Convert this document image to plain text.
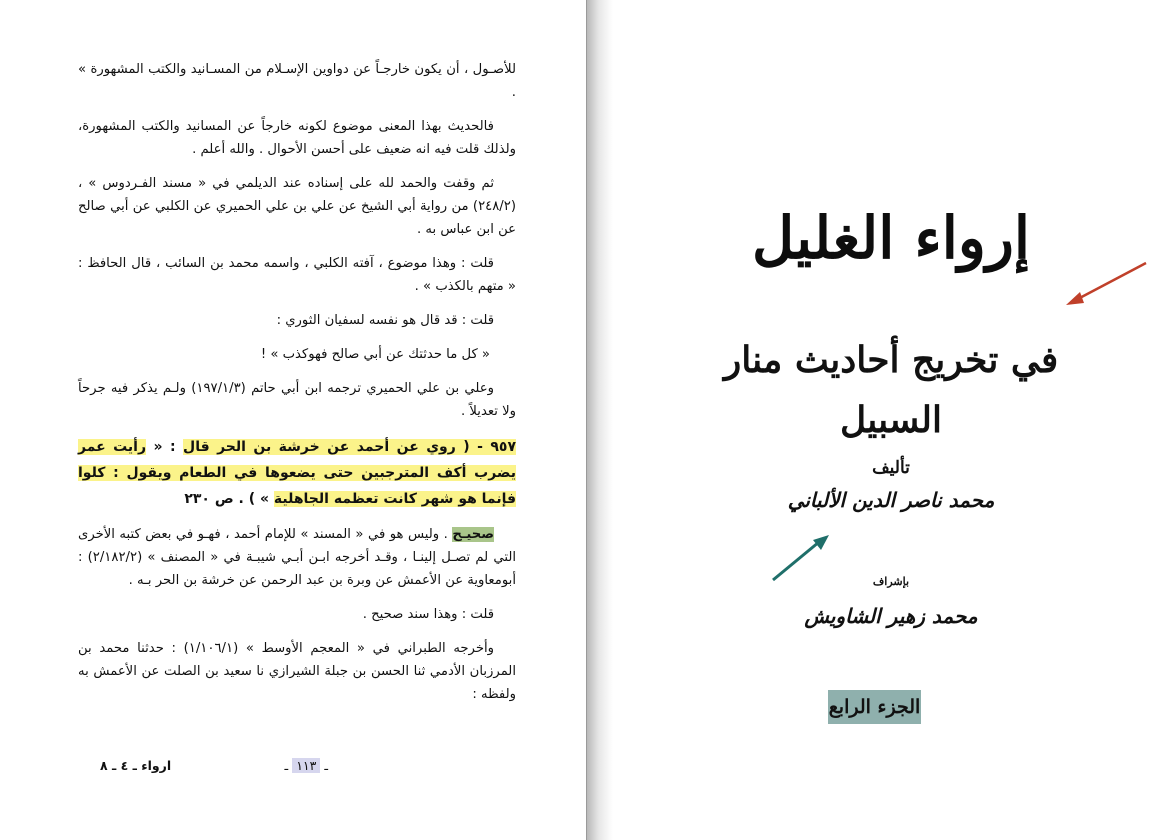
للأصـول ، أن يكون خارجـاً عن دواوين الإسـلام من المسـانيد والكتب المشهورة » .

فالحديث بهذا المعنى موضوع لكونه خارجاً عن المسانيد والكتب المشهورة، ولذلك قلت فيه انه ضعيف على أحسن الأحوال . والله أعلم .

ثم وقفت والحمد لله على إسناده عند الديلمي في « مسند الفـردوس » ، (٢٤٨/٢) من رواية أبي الشيخ عن علي بن علي الحميري عن الكلبي عن أبي صالح عن ابن عباس به .

قلت : وهذا موضوع ، آفته الكلبي ، واسمه محمد بن السائب ، قال الحافظ : « متهم بالكذب » .

قلت : قد قال هو نفسه لسفيان الثوري :

« كل ما حدثتك عن أبي صالح فهوكذب » !

وعلي بن علي الحميري ترجمه ابن أبي حاتم (١٩٧/١/٣) ولـم يذكر فيه جرحاً ولا تعديلاً .

٩٥٧ - ( روي عن أحمد عن خرشة بن الحر قال : « رأيت عمر يضرب أكف المترجبين حتى يضعوها في الطعام ويقول : كلوا فإنما هو شهر كانت تعظمه الجاهلية » ) . ص ٢٣٠

صحيـح . وليس هو في « المسند » للإمام أحمد ، فهـو في بعض كتبه الأخرى التي لم تصـل إلينـا ، وقـد أخرجه ابـن أبـي شيبـة في « المصنف » (٢/١٨٢/٢) : أبومعاوية عن الأعمش عن وبرة بن عبد الرحمن عن خرشة بن الحر بـه .

قلت : وهذا سند صحيح .

وأخرجه الطبراني في « المعجم الأوسط » (١/١٠٦/١) : حدثنا محمد بن المرزبان الأدمي ثنا الحسن بن جبلة الشيرازي نا سعيد بن الصلت عن الأعمش به ولفظه :

ـ ١١٣ ـ
ارواء ـ ٤ ـ ٨
إرواء الغليل
في تخريج أحاديث منار السبيل
تأليف
محمد ناصر الدين الألباني
بإشراف
محمد زهير الشاويش
الجزء الرابع
